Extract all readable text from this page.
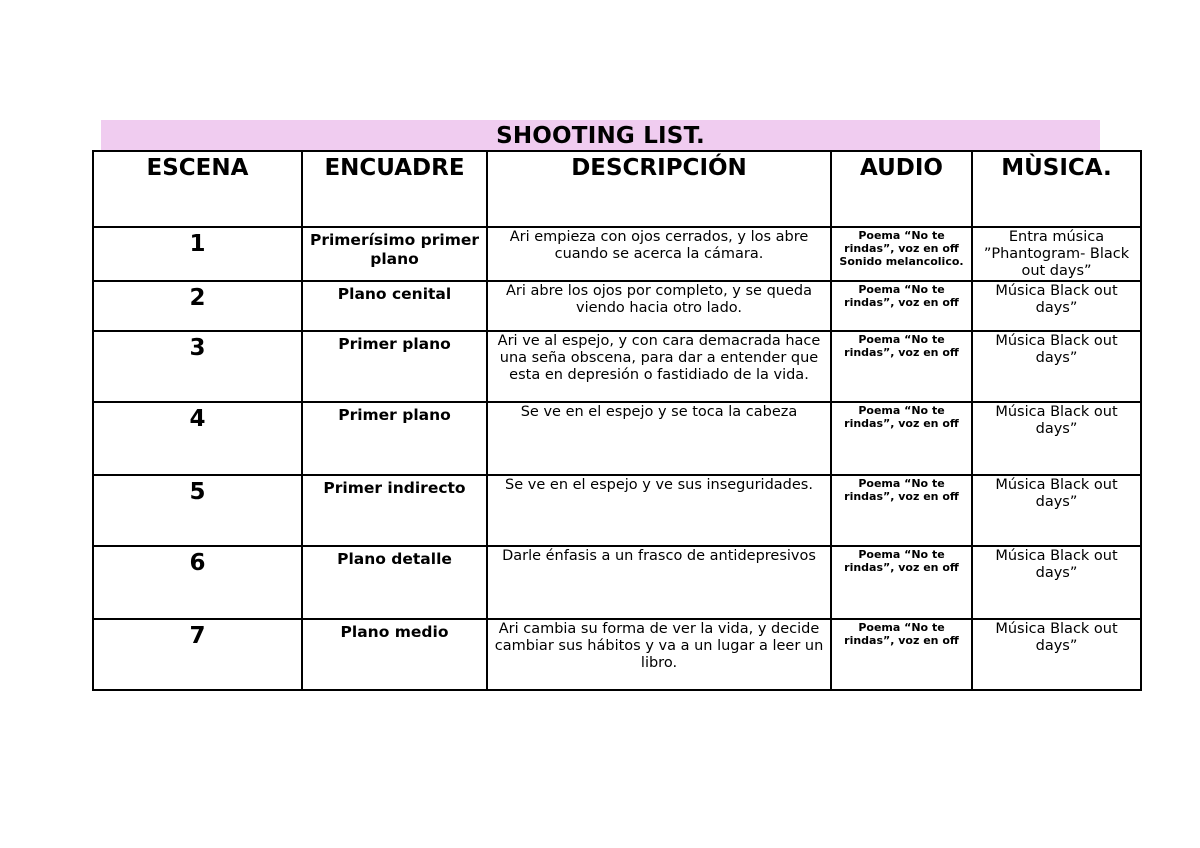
SHOOTING LIST.
ESCENA	ENCUADRE	DESCRIPCIÓN	AUDIO	MÙSICA.
1	Primerísimo primer plano	Ari empieza con ojos cerrados, y los abre cuando se acerca la cámara.	Poema “No te rindas”, voz en off Sonido melancolico.	Entra música ”Phantogram- Black out days”
2	Plano cenital	Ari abre los ojos por completo, y se queda viendo hacia otro lado.	Poema “No te rindas”, voz en off	Música Black out days”
3	Primer plano	Ari ve al espejo, y con cara demacrada hace una seña obscena, para dar a entender que esta en depresión o fastidiado de la vida.	Poema “No te rindas”, voz en off	Música Black out days”
4	Primer plano	Se ve en el espejo y se toca la cabeza	Poema “No te rindas”, voz en off	Música Black out days”
5	Primer indirecto	Se ve en el espejo y ve sus inseguridades.	Poema “No te rindas”, voz en off	Música Black out days”
6	Plano detalle	Darle énfasis a un frasco de antidepresivos	Poema “No te rindas”, voz en off	Música Black out days”
7	Plano medio	Ari cambia su forma de ver la vida, y decide cambiar sus hábitos y va a un lugar a leer un libro.	Poema “No te rindas”, voz en off	Música Black out days”
